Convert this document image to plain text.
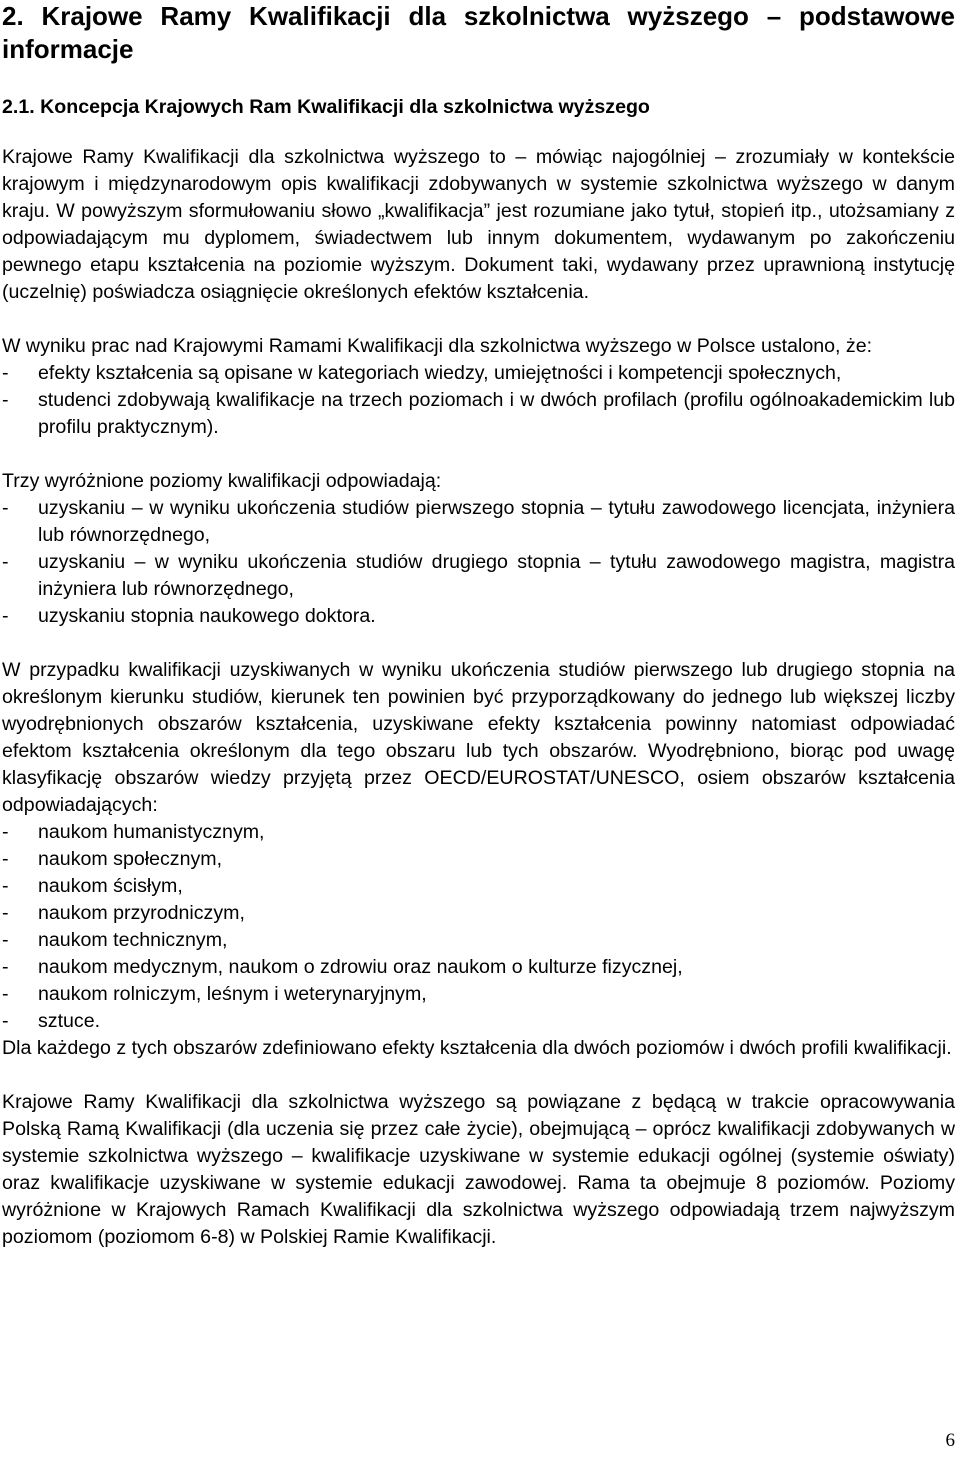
2. Krajowe Ramy Kwalifikacji dla szkolnictwa wyższego – podstawowe informacje
2.1. Koncepcja Krajowych Ram Kwalifikacji dla szkolnictwa wyższego

Krajowe Ramy Kwalifikacji dla szkolnictwa wyższego to – mówiąc najogólniej – zrozumiały w kontekście krajowym i międzynarodowym opis kwalifikacji zdobywanych w systemie szkolnictwa wyższego w danym kraju. W powyższym sformułowaniu słowo „kwalifikacja” jest rozumiane jako tytuł, stopień itp., utożsamiany z odpowiadającym mu dyplomem, świadectwem lub innym dokumentem, wydawanym po zakończeniu pewnego etapu kształcenia na poziomie wyższym. Dokument taki, wydawany przez uprawnioną instytucję (uczelnię) poświadcza osiągnięcie określonych efektów kształcenia.

W wyniku prac nad Krajowymi Ramami Kwalifikacji dla szkolnictwa wyższego w Polsce ustalono, że:

- efekty kształcenia są opisane w kategoriach wiedzy, umiejętności i kompetencji społecznych,
- studenci zdobywają kwalifikacje na trzech poziomach i w dwóch profilach (profilu ogólnoakademickim lub profilu praktycznym).

Trzy wyróżnione poziomy kwalifikacji odpowiadają:

- uzyskaniu – w wyniku ukończenia studiów pierwszego stopnia – tytułu zawodowego licencjata, inżyniera lub równorzędnego,
- uzyskaniu – w wyniku ukończenia studiów drugiego stopnia – tytułu zawodowego magistra, magistra inżyniera lub równorzędnego,
- uzyskaniu stopnia naukowego doktora.

W przypadku kwalifikacji uzyskiwanych w wyniku ukończenia studiów pierwszego lub drugiego stopnia na określonym kierunku studiów, kierunek ten powinien być przyporządkowany do jednego lub większej liczby wyodrębnionych obszarów kształcenia, uzyskiwane efekty kształcenia powinny natomiast odpowiadać efektom kształcenia określonym dla tego obszaru lub tych obszarów. Wyodrębniono, biorąc pod uwagę klasyfikację obszarów wiedzy przyjętą przez OECD/EUROSTAT/UNESCO, osiem obszarów kształcenia odpowiadających:

- naukom humanistycznym,
- naukom społecznym,
- naukom ścisłym,
- naukom przyrodniczym,
- naukom technicznym,
- naukom medycznym, naukom o zdrowiu oraz naukom o kulturze fizycznej,
- naukom rolniczym, leśnym i weterynaryjnym,
- sztuce.

Dla każdego z tych obszarów zdefiniowano efekty kształcenia dla dwóch poziomów i dwóch profili kwalifikacji.

Krajowe Ramy Kwalifikacji dla szkolnictwa wyższego są powiązane z będącą w trakcie opracowywania Polską Ramą Kwalifikacji (dla uczenia się przez całe życie), obejmującą – oprócz kwalifikacji zdobywanych w systemie szkolnictwa wyższego – kwalifikacje uzyskiwane w systemie edukacji ogólnej (systemie oświaty) oraz kwalifikacje uzyskiwane w systemie edukacji zawodowej. Rama ta obejmuje 8 poziomów. Poziomy wyróżnione w Krajowych Ramach Kwalifikacji dla szkolnictwa wyższego odpowiadają trzem najwyższym poziomom (poziomom 6-8) w Polskiej Ramie Kwalifikacji.

6
